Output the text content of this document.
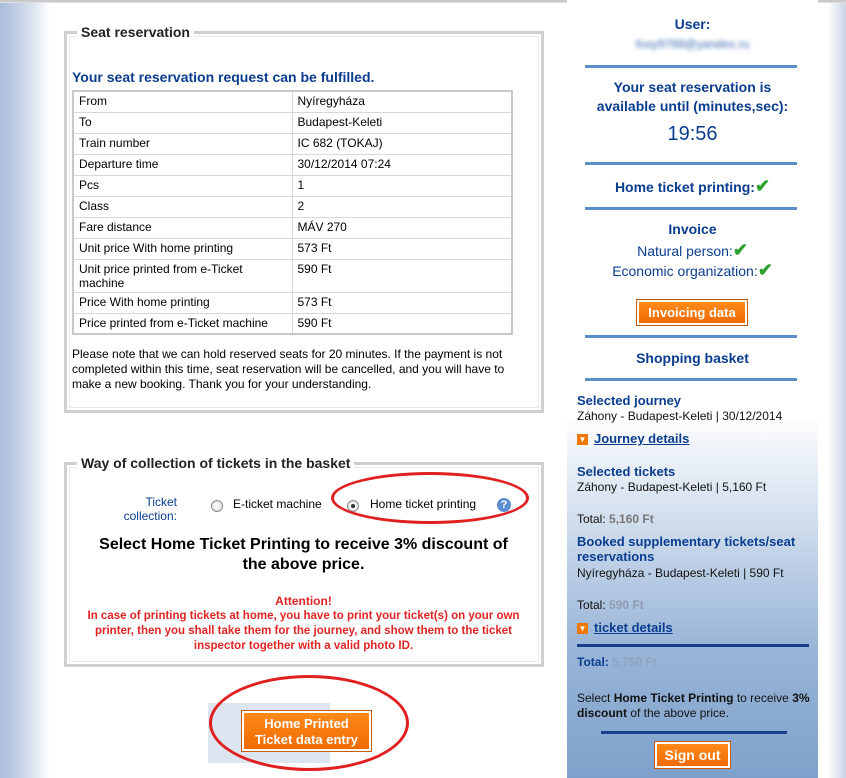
Seat reservation
Your seat reservation request can be fulfilled.
From	Nyíregyháza
To	Budapest-Keleti
Train number	IC 682 (TOKAJ)
Departure time	30/12/2014 07:24
Pcs	1
Class	2
Fare distance	MÁV 270
Unit price With home printing	573 Ft
Unit price printed from e-Ticket machine	590 Ft
Price With home printing	573 Ft
Price printed from e-Ticket machine	590 Ft
Please note that we can hold reserved seats for 20 minutes. If the payment is not completed within this time, seat reservation will be cancelled, and you will have to make a new booking. Thank you for your understanding.
Way of collection of tickets in the basket
Ticket collection:
E-ticket machine	Home ticket printing	?
Select Home Ticket Printing to receive 3% discount of the above price.
Attention!
In case of printing tickets at home, you have to print your ticket(s) on your own printer, then you shall take them for the journey, and show them to the ticket inspector together with a valid photo ID.
Home Printed
Ticket data entry
User:
foxy9788@yandex.ru
Your seat reservation is available until (minutes,sec):
19:56
Home ticket printing:✔
Invoice
Natural person:✔
Economic organization:✔
Invoicing data
Shopping basket
Selected journey
Záhony - Budapest-Keleti | 30/12/2014
▼ Journey details
Selected tickets
Záhony - Budapest-Keleti | 5,160 Ft
Total: 5,160 Ft
Booked supplementary tickets/seat reservations
Nyíregyháza - Budapest-Keleti | 590 Ft
Total: 590 Ft
▼ ticket details
Total: 5,750 Ft
Select Home Ticket Printing to receive 3% discount of the above price.
Sign out
